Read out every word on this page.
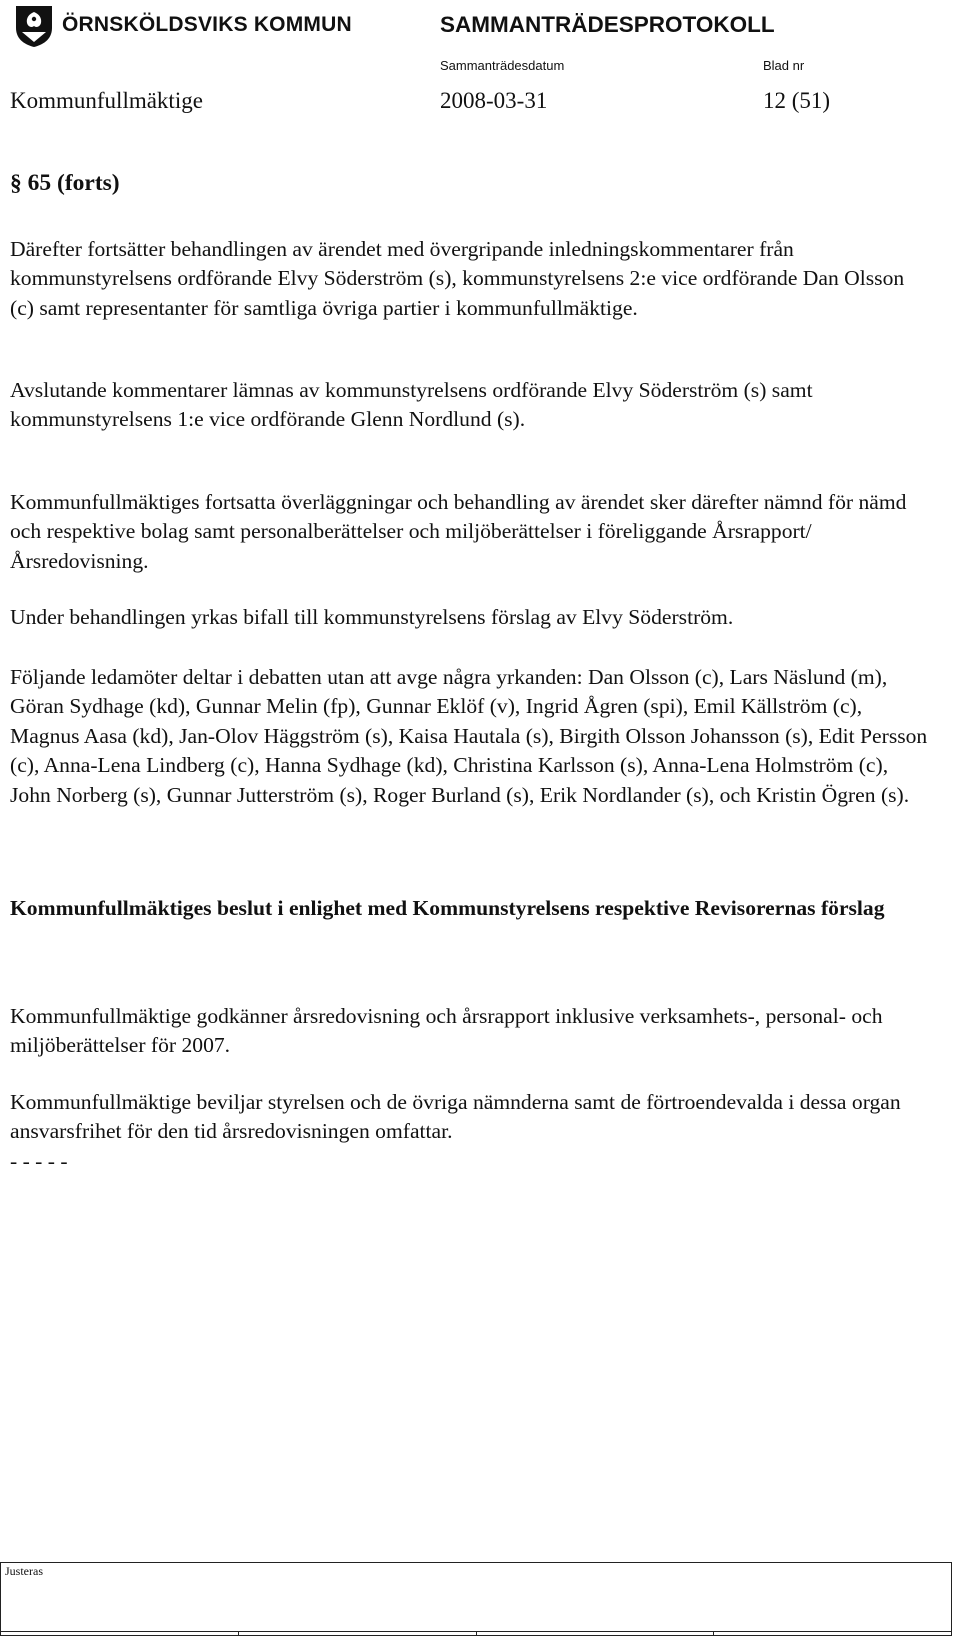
ÖRNSKÖLDSVIKS KOMMUN	SAMMANTRÄDESPROTOKOLL
Sammanträdesdatum	Blad nr
Kommunfullmäktige	2008-03-31	12 (51)
§ 65 (forts)
Därefter fortsätter behandlingen av ärendet med övergripande inledningskommentarer från kommunstyrelsens ordförande Elvy Söderström (s), kommunstyrelsens 2:e vice ordförande Dan Olsson (c) samt representanter för samtliga övriga partier i kommunfullmäktige.
Avslutande kommentarer lämnas av kommunstyrelsens ordförande Elvy Söderström (s) samt kommunstyrelsens 1:e vice ordförande Glenn Nordlund (s).
Kommunfullmäktiges fortsatta överläggningar och behandling av ärendet sker därefter nämnd för nämd och respektive bolag samt personalberättelser och miljöberättelser i föreliggande Årsrapport/Årsredovisning.
Under behandlingen yrkas bifall till kommunstyrelsens förslag av Elvy Söderström.
Följande ledamöter deltar i debatten utan att avge några yrkanden: Dan Olsson (c), Lars Näslund (m), Göran Sydhage (kd), Gunnar Melin (fp), Gunnar Eklöf (v), Ingrid Ågren (spi), Emil Källström (c), Magnus Aasa (kd), Jan-Olov Häggström (s), Kaisa Hautala (s), Birgith Olsson Johansson (s), Edit Persson (c), Anna-Lena Lindberg (c), Hanna Sydhage (kd), Christina Karlsson (s), Anna-Lena Holmström (c), John Norberg (s), Gunnar Jutterström (s), Roger Burland (s), Erik Nordlander (s), och Kristin Ögren (s).
Kommunfullmäktiges beslut i enlighet med Kommunstyrelsens respektive Revisorernas förslag
Kommunfullmäktige godkänner årsredovisning och årsrapport inklusive verksamhets-, personal- och miljöberättelser för 2007.
Kommunfullmäktige beviljar styrelsen och de övriga nämnderna samt de förtroendevalda i dessa organ ansvarsfrihet för den tid årsredovisningen omfattar.
- - - - -
Justeras
